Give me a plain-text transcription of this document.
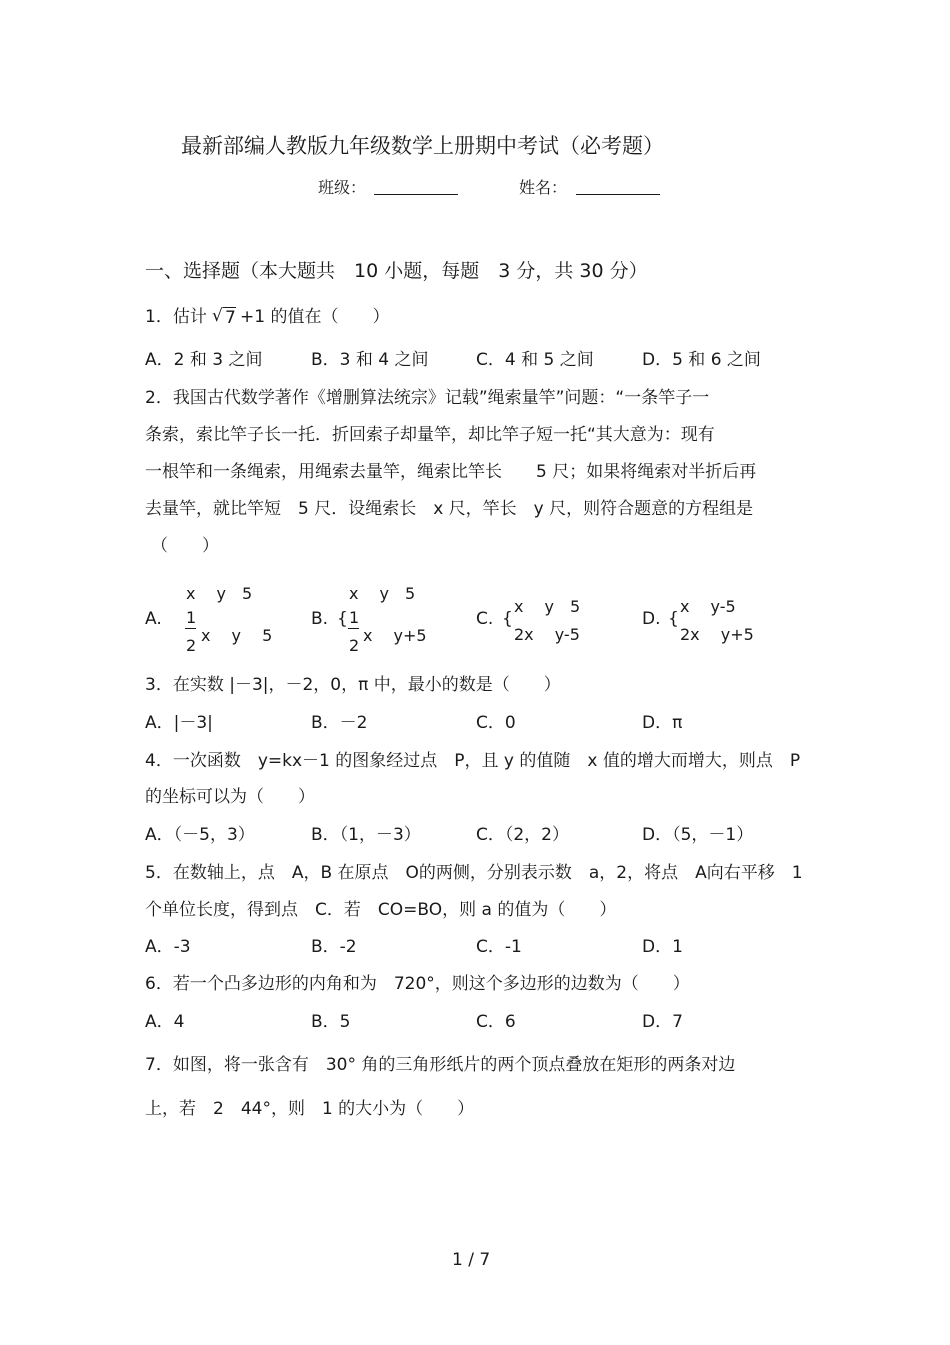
最新部编人教版九年级数学上册期中考试（必考题）
班级：	姓名：
一、选择题（本大题共　10 小题，每题　3 分，共 30 分）
1．估计 √ 7 +1 的值在（　　）
A．2 和 3 之间	B．3 和 4 之间	C．4 和 5 之间	D．5 和 6 之间
2．我国古代数学著作《增删算法统宗》记载”绳索量竿”问题：“一条竿子一
条索，索比竿子长一托．折回索子却量竿，却比竿子短一托“其大意为：现有
一根竿和一条绳索，用绳索去量竿，绳索比竿长　　5 尺；如果将绳索对半折后再
去量竿，就比竿短　5 尺．设绳索长　x 尺，竿长　y 尺，则符合题意的方程组是
（　　）
A.
x　 y　5
1
2
x　 y　 5
B. {
x　 y　5
1
2
x　 y+5
C. {
x　 y　5
2x　 y-5
D. {
x　 y-5
2x　 y+5
3．在实数 |－3|，－2，0，π 中，最小的数是（　　）
A．|－3|	B．－2	C．0	D．π
4．一次函数　y=kx－1 的图象经过点　P，且 y 的值随　x 值的增大而增大，则点　P
的坐标可以为（　　）
A．（－5，3）	B．（1，－3）	C．（2，2）	D．（5，－1）
5．在数轴上，点　A，B 在原点　O的两侧，分别表示数　a，2，将点　A向右平移　1
个单位长度，得到点　C．若　CO=BO，则 a 的值为（　　）
A．-3	B．-2	C．-1	D．1
6．若一个凸多边形的内角和为　720°，则这个多边形的边数为（　　）
A．4	B．5	C．6	D．7
7．如图，将一张含有　30° 角的三角形纸片的两个顶点叠放在矩形的两条对边
上，若　2　44°，则　1 的大小为（　　）
1 / 7
